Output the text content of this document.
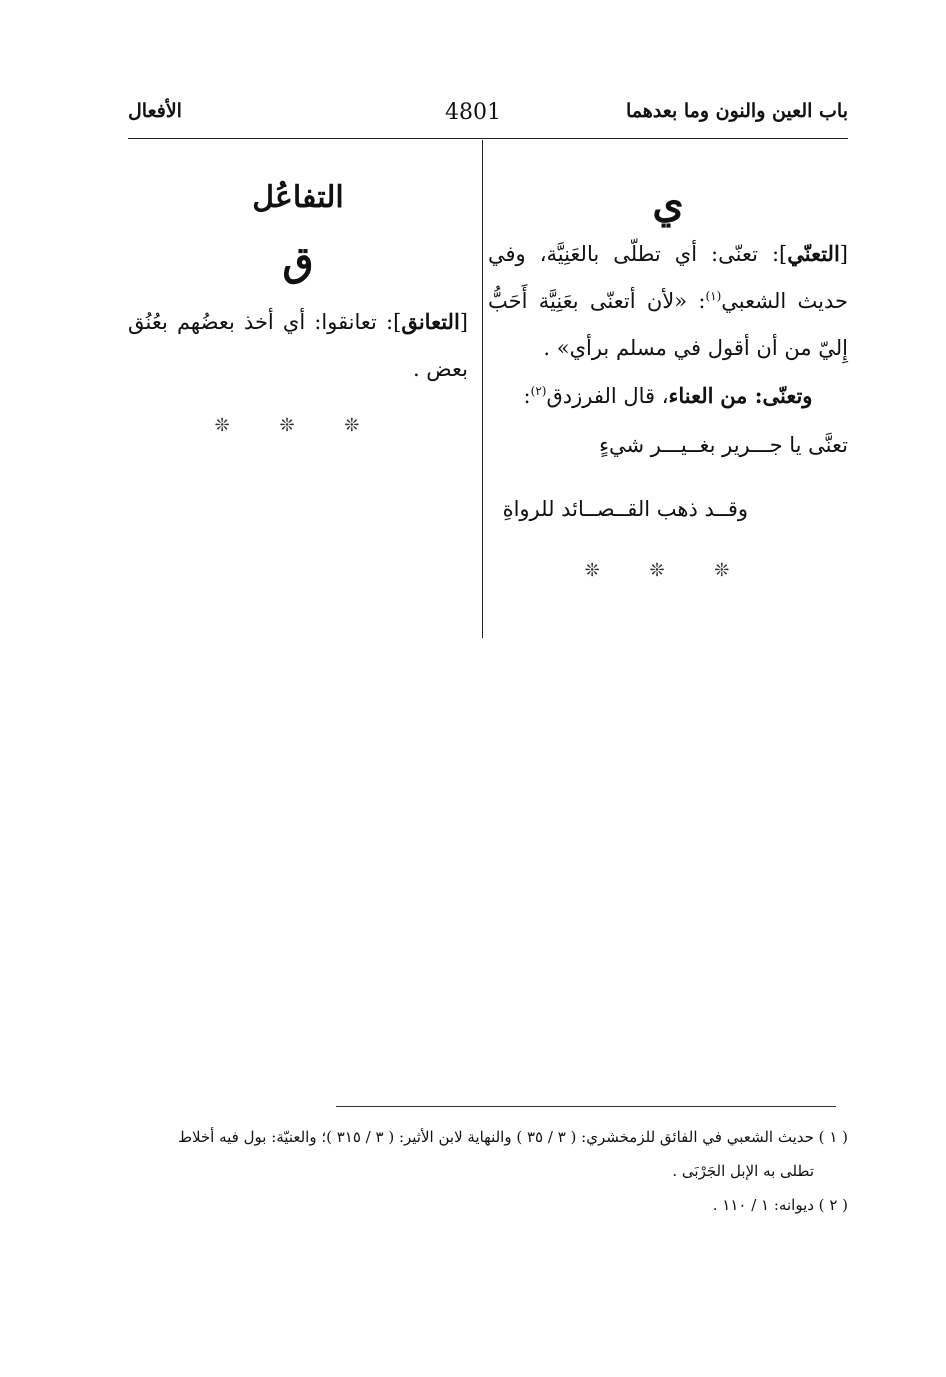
باب العين والنون وما بعدهما
4801
الأفعال
ي

[التعنّي]: تعنّى: أي تطلّى بالعَنِيَّة، وفي حديث الشعبي$^{(١)}$: «لأن أتعنّى بعَنِيَّة أَحَبُّ إِليّ من أن أقول في مسلم برأي» .

وتعنّى: من العناء، قال الفرزدق$^{(٢)}$:

تعنَّى يا جـــرير بغــيـــر شيءٍ

وقــد ذهب القــصــائد للرواةِ

❊ ❊ ❊

التفاعُل
ق

[التعانق]: تعانقوا: أي أخذ بعضُهم بعُنُق بعض .

❊ ❊ ❊

( ١ ) حديث الشعبي في الفائق للزمخشري: ( ٣ / ٣٥ ) والنهاية لابن الأثير: ( ٣ / ٣١٥ )؛ والعنيّة: بول فيه أخلاط

تطلى به الإبل الجَرْبَى .

( ٢ ) ديوانه: ١ / ١١٠ .
